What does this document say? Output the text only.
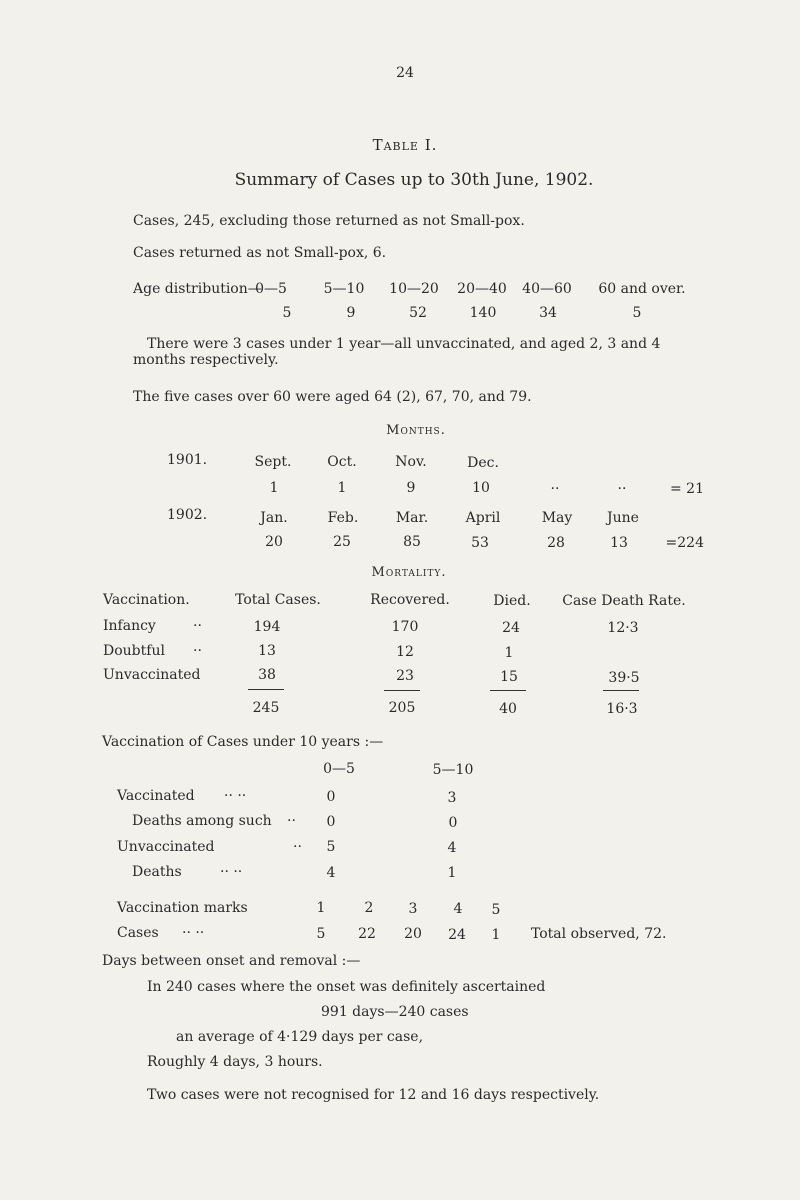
24
Table I.
Summary of Cases up to 30th June, 1902.
Cases, 245, excluding those returned as not Small-pox.
Cases returned as not Small-pox, 6.
Age distribution—
0—5	5—10 10—20 20—40 40—60 60 and over.
5	9	52	140	34	5
There were 3 cases under 1 year—all unvaccinated, and aged 2, 3 and 4 months respectively.
The five cases over 60 were aged 64 (2), 67, 70, and 79.
Months.
1901.	Sept.	Oct.	Nov.	Dec.
1	1	9	10	..	..	= 21
1902.	Jan.	Feb.	Mar.	April	May June
20	25	85	53	28	13	=224
Mortality.
Vaccination.	Total Cases.	Recovered.	Died. Case Death Rate.
Infancy	..	194	170	24	12·3
Doubtful ..	13	12	1
Unvaccinated	38	23	15	39·5
245	205	40	16·3
Vaccination of Cases under 10 years :—
0—5	5—10
Vaccinated .. ..	0	3
Deaths among such .. 0	0
Unvaccinated	.. 5	4
Deaths	.. ..	4	1
Vaccination marks	1	2	3	4 5
Cases .. ..	5 22 20 24 1 Total observed, 72.
Days between onset and removal :—
In 240 cases where the onset was definitely ascertained
991 days—240 cases
an average of 4·129 days per case,
Roughly 4 days, 3 hours.
Two cases were not recognised for 12 and 16 days respectively.
